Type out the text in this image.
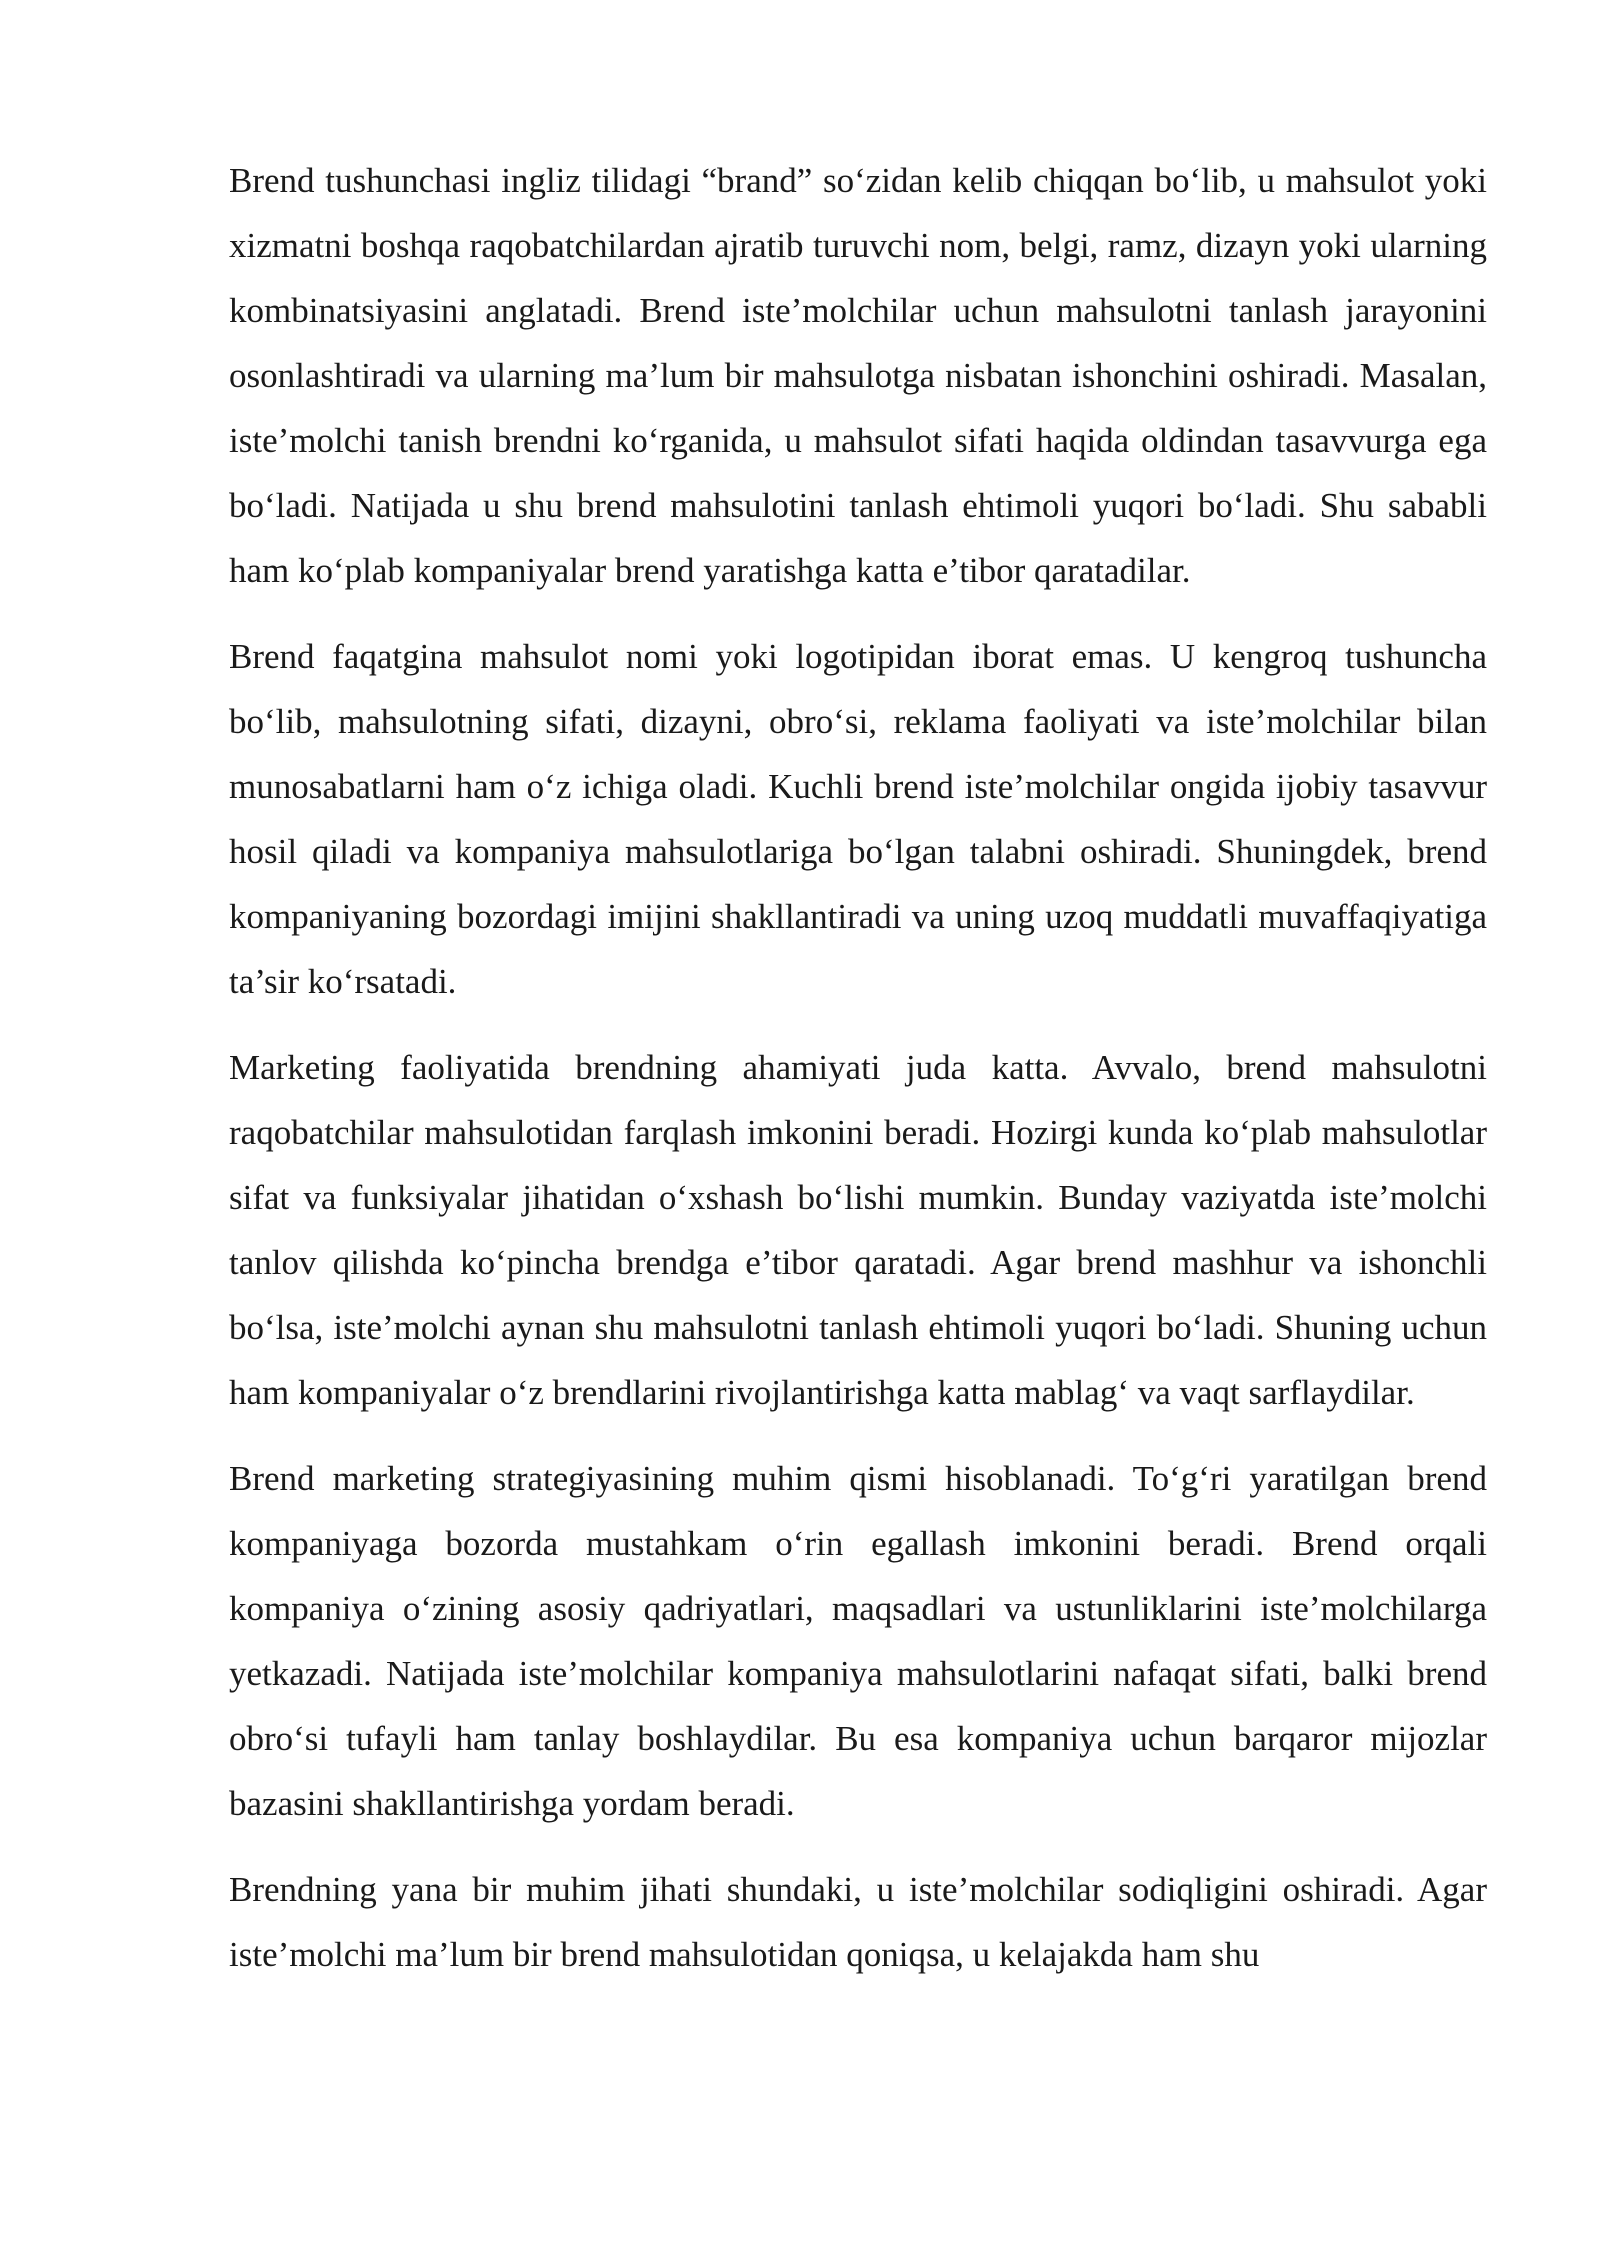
Brend tushunchasi ingliz tilidagi “brand” so‘zidan kelib chiqqan bo‘lib, u mahsulot yoki xizmatni boshqa raqobatchilardan ajratib turuvchi nom, belgi, ramz, dizayn yoki ularning kombinatsiyasini anglatadi. Brend iste’molchilar uchun mahsulotni tanlash jarayonini osonlashtiradi va ularning ma’lum bir mahsulotga nisbatan ishonchini oshiradi. Masalan, iste’molchi tanish brendni ko‘rganida, u mahsulot sifati haqida oldindan tasavvurga ega bo‘ladi. Natijada u shu brend mahsulotini tanlash ehtimoli yuqori bo‘ladi. Shu sababli ham ko‘plab kompaniyalar brend yaratishga katta e’tibor qaratadilar.

Brend faqatgina mahsulot nomi yoki logotipidan iborat emas. U kengroq tushuncha bo‘lib, mahsulotning sifati, dizayni, obro‘si, reklama faoliyati va iste’molchilar bilan munosabatlarni ham o‘z ichiga oladi. Kuchli brend iste’molchilar ongida ijobiy tasavvur hosil qiladi va kompaniya mahsulotlariga bo‘lgan talabni oshiradi. Shuningdek, brend kompaniyaning bozordagi imijini shakllantiradi va uning uzoq muddatli muvaffaqiyatiga ta’sir ko‘rsatadi.

Marketing faoliyatida brendning ahamiyati juda katta. Avvalo, brend mahsulotni raqobatchilar mahsulotidan farqlash imkonini beradi. Hozirgi kunda ko‘plab mahsulotlar sifat va funksiyalar jihatidan o‘xshash bo‘lishi mumkin. Bunday vaziyatda iste’molchi tanlov qilishda ko‘pincha brendga e’tibor qaratadi. Agar brend mashhur va ishonchli bo‘lsa, iste’molchi aynan shu mahsulotni tanlash ehtimoli yuqori bo‘ladi. Shuning uchun ham kompaniyalar o‘z brendlarini rivojlantirishga katta mablag‘ va vaqt sarflaydilar.

Brend marketing strategiyasining muhim qismi hisoblanadi. To‘g‘ri yaratilgan brend kompaniyaga bozorda mustahkam o‘rin egallash imkonini beradi. Brend orqali kompaniya o‘zining asosiy qadriyatlari, maqsadlari va ustunliklarini iste’molchilarga yetkazadi. Natijada iste’molchilar kompaniya mahsulotlarini nafaqat sifati, balki brend obro‘si tufayli ham tanlay boshlaydilar. Bu esa kompaniya uchun barqaror mijozlar bazasini shakllantirishga yordam beradi.

Brendning yana bir muhim jihati shundaki, u iste’molchilar sodiqligini oshiradi. Agar iste’molchi ma’lum bir brend mahsulotidan qoniqsa, u kelajakda ham shu
